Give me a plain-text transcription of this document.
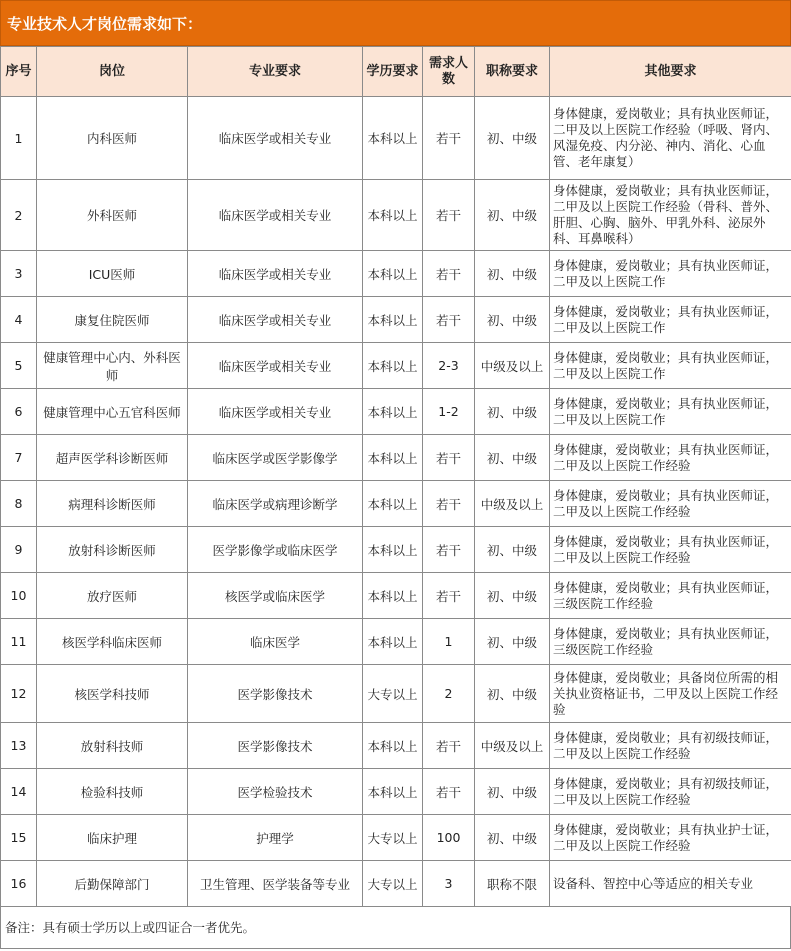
专业技术人才岗位需求如下：
序号	岗位	专业要求	学历要求	需求人数	职称要求	其他要求
1	内科医师	临床医学或相关专业	本科以上	若干	初、中级	身体健康，爱岗敬业；具有执业医师证，二甲及以上医院工作经验（呼吸、肾内、风湿免疫、内分泌、神内、消化、心血管、老年康复）
2	外科医师	临床医学或相关专业	本科以上	若干	初、中级	身体健康，爱岗敬业；具有执业医师证，二甲及以上医院工作经验（骨科、普外、肝胆、心胸、脑外、甲乳外科、泌尿外科、耳鼻喉科）
3	ICU医师	临床医学或相关专业	本科以上	若干	初、中级	身体健康，爱岗敬业；具有执业医师证，二甲及以上医院工作
4	康复住院医师	临床医学或相关专业	本科以上	若干	初、中级	身体健康，爱岗敬业；具有执业医师证，二甲及以上医院工作
5	健康管理中心内、外科医师	临床医学或相关专业	本科以上	2-3	中级及以上	身体健康，爱岗敬业；具有执业医师证，二甲及以上医院工作
6	健康管理中心五官科医师	临床医学或相关专业	本科以上	1-2	初、中级	身体健康，爱岗敬业；具有执业医师证，二甲及以上医院工作
7	超声医学科诊断医师	临床医学或医学影像学	本科以上	若干	初、中级	身体健康，爱岗敬业；具有执业医师证，二甲及以上医院工作经验
8	病理科诊断医师	临床医学或病理诊断学	本科以上	若干	中级及以上	身体健康，爱岗敬业；具有执业医师证，二甲及以上医院工作经验
9	放射科诊断医师	医学影像学或临床医学	本科以上	若干	初、中级	身体健康，爱岗敬业；具有执业医师证，二甲及以上医院工作经验
10	放疗医师	核医学或临床医学	本科以上	若干	初、中级	身体健康，爱岗敬业；具有执业医师证，三级医院工作经验
11	核医学科临床医师	临床医学	本科以上	1	初、中级	身体健康，爱岗敬业；具有执业医师证，三级医院工作经验
12	核医学科技师	医学影像技术	大专以上	2	初、中级	身体健康，爱岗敬业；具备岗位所需的相关执业资格证书，二甲及以上医院工作经验
13	放射科技师	医学影像技术	本科以上	若干	中级及以上	身体健康，爱岗敬业；具有初级技师证，二甲及以上医院工作经验
14	检验科技师	医学检验技术	本科以上	若干	初、中级	身体健康，爱岗敬业；具有初级技师证，二甲及以上医院工作经验
15	临床护理	护理学	大专以上	100	初、中级	身体健康，爱岗敬业；具有执业护士证，二甲及以上医院工作经验
16	后勤保障部门	卫生管理、医学装备等专业	大专以上	3	职称不限	设备科、智控中心等适应的相关专业
备注：具有硕士学历以上或四证合一者优先。
